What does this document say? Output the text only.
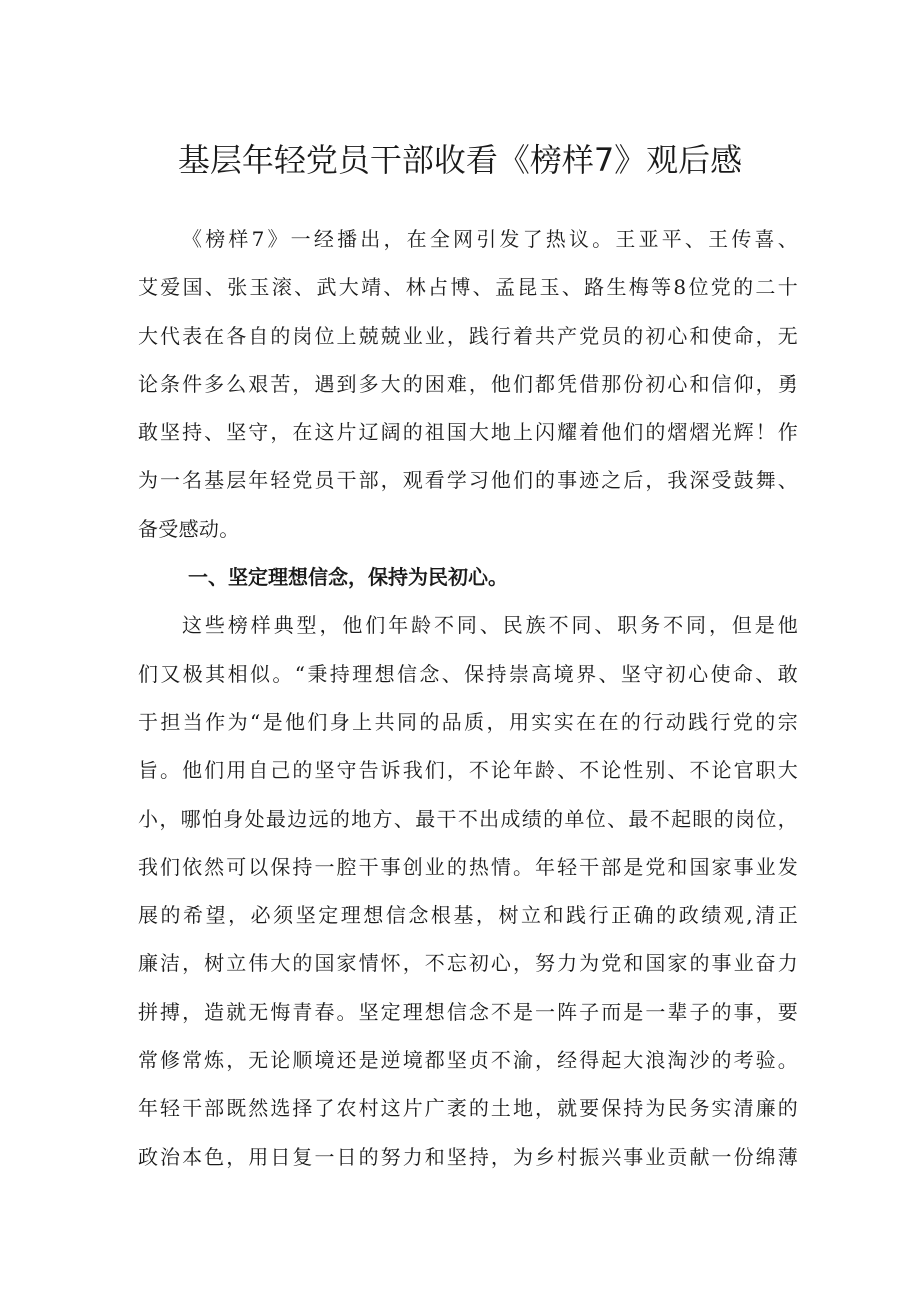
基层年轻党员干部收看《榜样7》观后感
《榜样7》一经播出，在全网引发了热议。王亚平、王传喜、
艾爱国、张玉滚、武大靖、林占博、孟昆玉、路生梅等8位党的二十
大代表在各自的岗位上兢兢业业，践行着共产党员的初心和使命，无
论条件多么艰苦，遇到多大的困难，他们都凭借那份初心和信仰，勇
敢坚持、坚守，在这片辽阔的祖国大地上闪耀着他们的熠熠光辉！作
为一名基层年轻党员干部，观看学习他们的事迹之后，我深受鼓舞、
备受感动。
一、坚定理想信念，保持为民初心。
这些榜样典型，他们年龄不同、民族不同、职务不同，但是他
们又极其相似。“秉持理想信念、保持崇高境界、坚守初心使命、敢
于担当作为“是他们身上共同的品质，用实实在在的行动践行党的宗
旨。他们用自己的坚守告诉我们，不论年龄、不论性别、不论官职大
小，哪怕身处最边远的地方、最干不出成绩的单位、最不起眼的岗位，
我们依然可以保持一腔干事创业的热情。年轻干部是党和国家事业发
展的希望，必须坚定理想信念根基，树立和践行正确的政绩观,清正
廉洁，树立伟大的国家情怀，不忘初心，努力为党和国家的事业奋力
拼搏，造就无悔青春。坚定理想信念不是一阵子而是一辈子的事，要
常修常炼，无论顺境还是逆境都坚贞不渝，经得起大浪淘沙的考验。
年轻干部既然选择了农村这片广袤的土地，就要保持为民务实清廉的
政治本色，用日复一日的努力和坚持，为乡村振兴事业贡献一份绵薄
